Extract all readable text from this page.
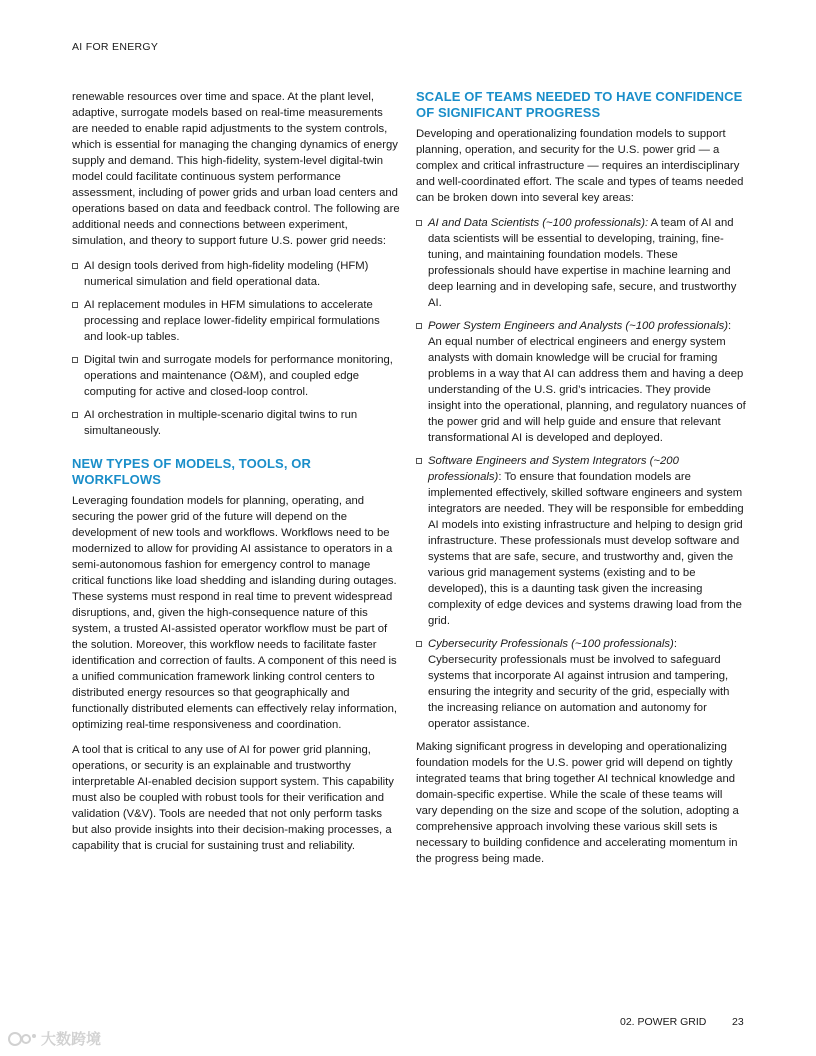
AI FOR ENERGY

renewable resources over time and space. At the plant level, adaptive, surrogate models based on real-time measurements are needed to enable rapid adjustments to the system controls, which is essential for managing the changing dynamics of energy supply and demand. This high-fidelity, system-level digital-twin model could facilitate continuous system performance assessment, including of power grids and urban load centers and operations based on data and feedback control. The following are additional needs and connections between experiment, simulation, and theory to support future U.S. power grid needs:

AI design tools derived from high-fidelity modeling (HFM) numerical simulation and field operational data.
AI replacement modules in HFM simulations to accelerate processing and replace lower-fidelity empirical formulations and look-up tables.
Digital twin and surrogate models for performance monitoring, operations and maintenance (O&M), and coupled edge computing for active and closed-loop control.
AI orchestration in multiple-scenario digital twins to run simultaneously.
NEW TYPES OF MODELS, TOOLS, OR WORKFLOWS

Leveraging foundation models for planning, operating, and securing the power grid of the future will depend on the development of new tools and workflows. Workflows need to be modernized to allow for providing AI assistance to operators in a semi-autonomous fashion for emergency control to manage critical functions like load shedding and islanding during outages. These systems must respond in real time to prevent widespread disruptions, and, given the high-consequence nature of this system, a trusted AI-assisted operator workflow must be part of the solution. Moreover, this workflow needs to facilitate faster identification and correction of faults. A component of this need is a unified communication framework linking control centers to distributed energy resources so that geographically and functionally distributed elements can effectively relay information, optimizing real-time responsiveness and coordination.

A tool that is critical to any use of AI for power grid planning, operations, or security is an explainable and trustworthy interpretable AI-enabled decision support system. This capability must also be coupled with robust tools for their verification and validation (V&V). Tools are needed that not only perform tasks but also provide insights into their decision-making processes, a capability that is crucial for sustaining trust and reliability.

SCALE OF TEAMS NEEDED TO HAVE CONFIDENCE OF SIGNIFICANT PROGRESS

Developing and operationalizing foundation models to support planning, operation, and security for the U.S. power grid — a complex and critical infrastructure — requires an interdisciplinary and well-coordinated effort. The scale and types of teams needed can be broken down into several key areas:

AI and Data Scientists (~100 professionals): A team of AI and data scientists will be essential to developing, training, fine-tuning, and maintaining foundation models. These professionals should have expertise in machine learning and deep learning and in developing safe, secure, and trustworthy AI.
Power System Engineers and Analysts (~100 professionals): An equal number of electrical engineers and energy system analysts with domain knowledge will be crucial for framing problems in a way that AI can address them and having a deep understanding of the U.S. grid’s intricacies. They provide insight into the operational, planning, and regulatory nuances of the power grid and will help guide and ensure that relevant transformational AI is developed and deployed.
Software Engineers and System Integrators (~200 professionals): To ensure that foundation models are implemented effectively, skilled software engineers and system integrators are needed. They will be responsible for embedding AI models into existing infrastructure and helping to design grid infrastructure. These professionals must develop software and systems that are safe, secure, and trustworthy and, given the various grid management systems (existing and to be developed), this is a daunting task given the increasing complexity of edge devices and systems drawing load from the grid.
Cybersecurity Professionals (~100 professionals): Cybersecurity professionals must be involved to safeguard systems that incorporate AI against intrusion and tampering, ensuring the integrity and security of the grid, especially with the increasing reliance on automation and autonomy for operator assistance.

Making significant progress in developing and operationalizing foundation models for the U.S. power grid will depend on tightly integrated teams that bring together AI technical knowledge and domain-specific expertise. While the scale of these teams will vary depending on the size and scope of the solution, adopting a comprehensive approach involving these various skill sets is necessary to building confidence and accelerating momentum in the progress being made.

02. POWER GRID 23
大数跨境
